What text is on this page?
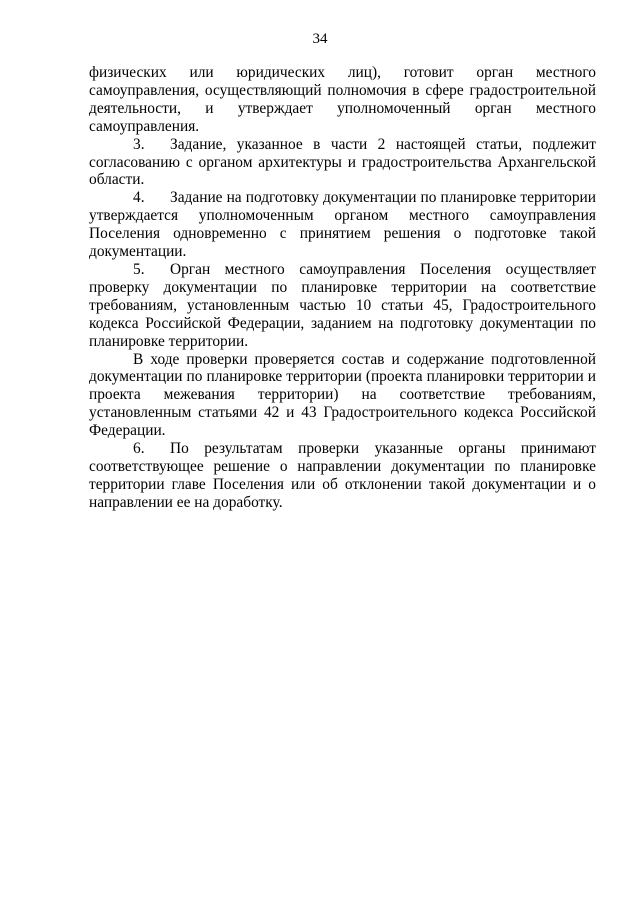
34

физических или юридических лиц), готовит орган местного самоуправления, осуществляющий полномочия в сфере градостроительной деятельности, и утверждает уполномоченный орган местного самоуправления.

3. Задание, указанное в части 2 настоящей статьи, подлежит согласованию с органом архитектуры и градостроительства Архангельской области.

4. Задание на подготовку документации по планировке территории утверждается уполномоченным органом местного самоуправления Поселения одновременно с принятием решения о подготовке такой документации.

5. Орган местного самоуправления Поселения осуществляет проверку документации по планировке территории на соответствие требованиям, установленным частью 10 статьи 45, Градостроительного кодекса Российской Федерации, заданием на подготовку документации по планировке территории.

В ходе проверки проверяется состав и содержание подготовленной документации по планировке территории (проекта планировки территории и проекта межевания территории) на соответствие требованиям, установленным статьями 42 и 43 Градостроительного кодекса Российской Федерации.

6. По результатам проверки указанные органы принимают соответствующее решение о направлении документации по планировке территории главе Поселения или об отклонении такой документации и о направлении ее на доработку.
